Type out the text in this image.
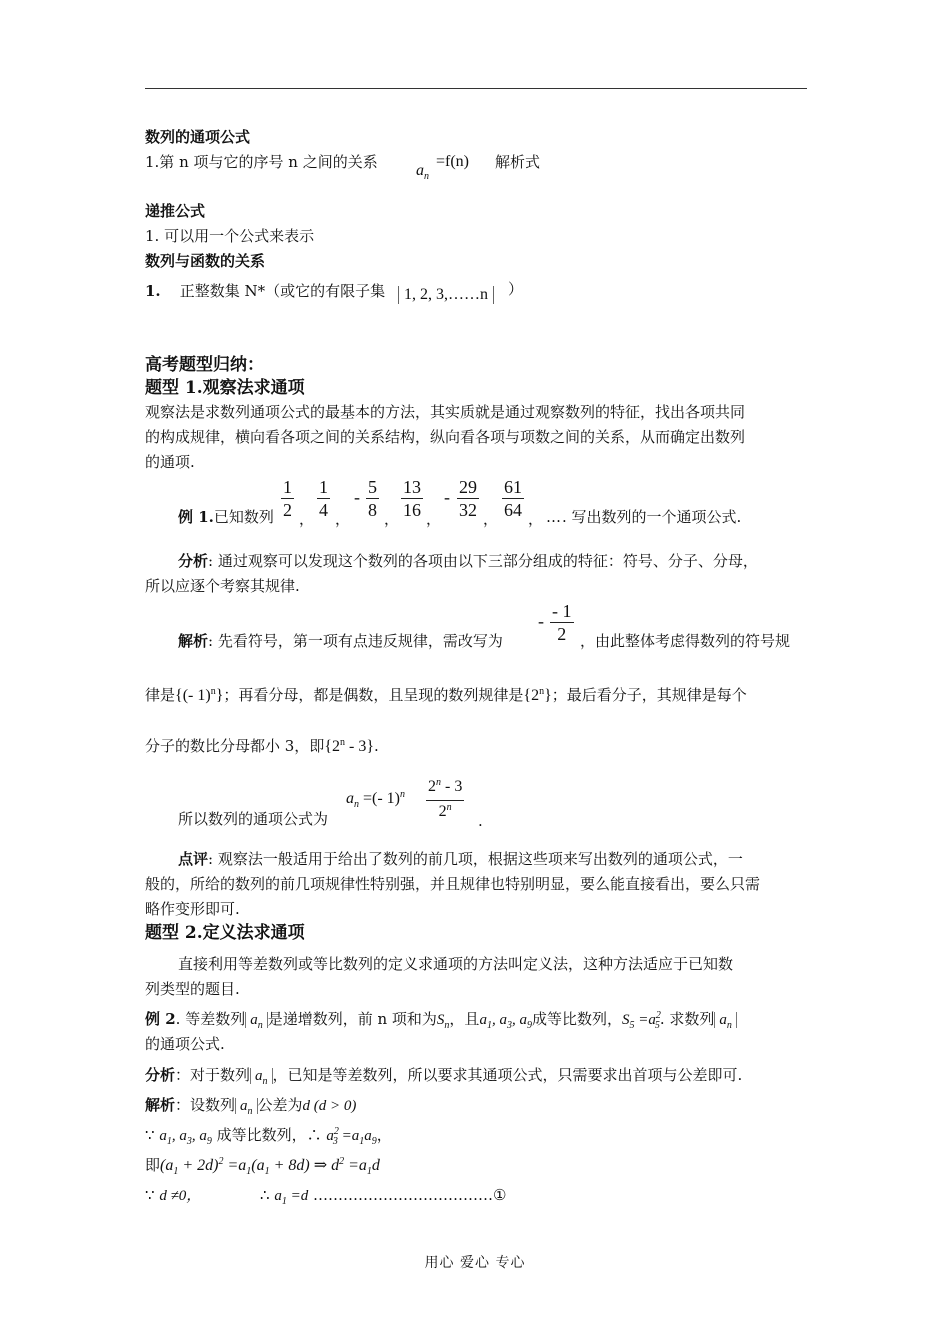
数列的通项公式
1.第 n 项与它的序号 n 之间的关系 $a_n$
=f(n) 解析式
递推公式
1. 可以用一个公式来表示
数列与函数的关系
1. 正整数集 N*（或它的有限子集	1, 2, 3,……n	）
高考题型归纳：
题型 1.观察法求通项
观察法是求数列通项公式的最基本的方法，其实质就是通过观察数列的特征，找出各项共同
的构成规律，横向看各项之间的关系结构，纵向看各项与项数之间的关系，从而确定出数列
的通项.
例 1.已知数列 $\frac{1}{2}$ ， $\frac{1}{4}$ ，
- $\frac{5}{8}$ ， $\frac{13}{16}$ ，
- $\frac{29}{32}$ ， $\frac{61}{64}$ ， … . 写出数列的一个通项公式.
分析: 通过观察可以发现这个数列的各项由以下三部分组成的特征：符号、分子、分母，
所以应逐个考察其规律.
解析: 先看符号，第一项有点违反规律，需改写为
- $\frac{- 1}{2}$ ，由此整体考虑得数列的符号规
律是{(- 1)$^n$}；再看分母，都是偶数，且呈现的数列规律是{2$^n$}；最后看分子，其规律是每个
分子的数比分母都小 3，即{2$^n$ - 3}.
所以数列的通项公式为
$a_n$ =(- $1)^n \frac{2^n - 3}{2^n}$ .
点评: 观察法一般适用于给出了数列的前几项，根据这些项来写出数列的通项公式，一
般的，所给的数列的前几项规律性特别强，并且规律也特别明显，要么能直接看出，要么只需
略作变形即可.
题型 2.定义法求通项
直接利用等差数列或等比数列的定义求通项的方法叫定义法，这种方法适应于已知数
列类型的题目.
例 2. 等差数列 $a_n$ 是递增数列，前 n 项和为$S_n$，且$a_1$, $a_3$, $a_9$成等比数列，$S_5 =a^2_5$. 求数列 $a_n$
的通项公式.
分析：对于数列 $a_n$ ，已知是等差数列，所以要求其通项公式，只需要求出首项与公差即可.
解析：设数列 $a_n$ 公差为d (d > 0)
∵ $a_1$, $a_3$, $a_9$ 成等比数列，∴ $a^2_3 =a_1a_9$，
即$(a_1 + 2d)^2 =a_1(a_1 + 8d)$ ⇒ $d^2 =a_1d$
∵ d ≠0，	∴ $a_1 =d$ ………………………………①
用心 爱心 专心
